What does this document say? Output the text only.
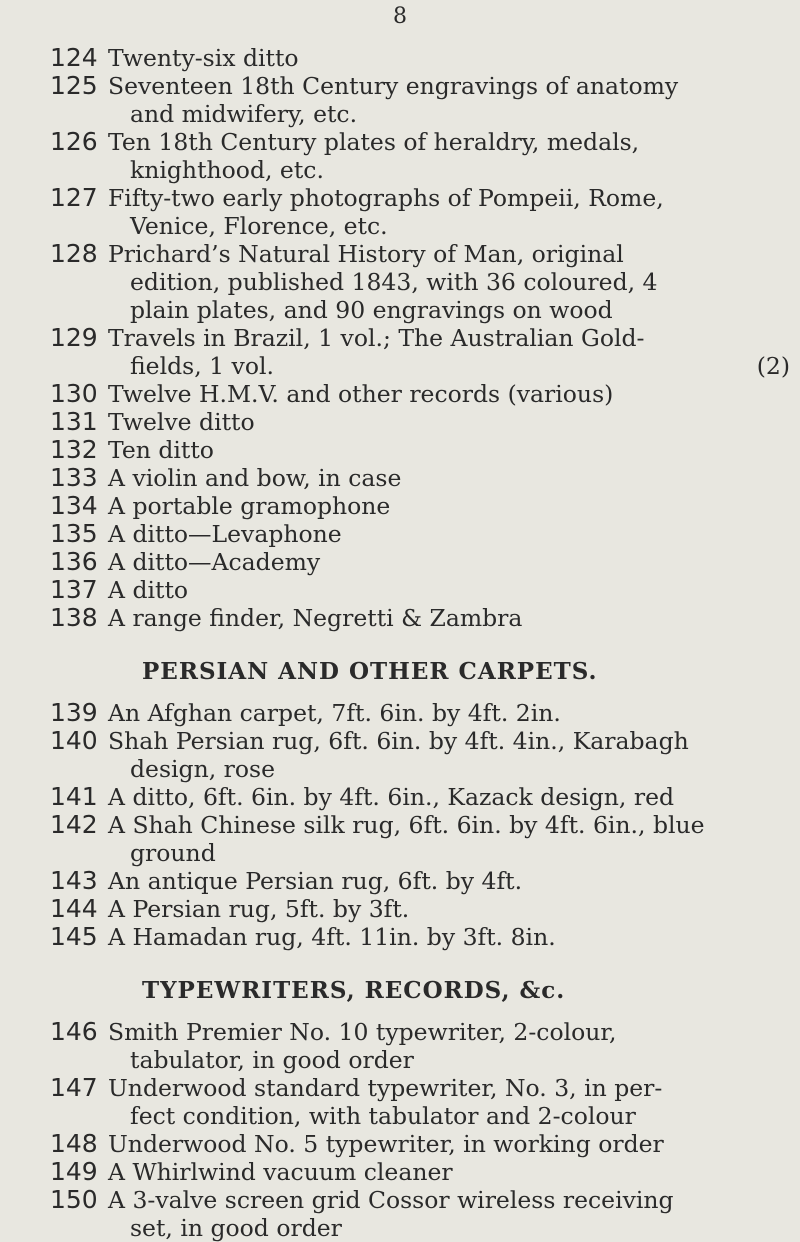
8
124 Twenty-six ditto
125 Seventeen 18th Century engravings of anatomy
and midwifery, etc.
126 Ten 18th Century plates of heraldry, medals,
knighthood, etc.
127 Fifty-two early photographs of Pompeii, Rome,
Venice, Florence, etc.
128 Prichard’s Natural History of Man, original
edition, published 1843, with 36 coloured, 4
plain plates, and 90 engravings on wood
129 Travels in Brazil, 1 vol.; The Australian Gold-
fields, 1 vol.	(2)
130 Twelve H.M.V. and other records (various)
131 Twelve ditto
132 Ten ditto
133 A violin and bow, in case
134 A portable gramophone
135 A ditto—Levaphone
136 A ditto—Academy
137 A ditto
138 A range finder, Negretti & Zambra
PERSIAN AND OTHER CARPETS.
139 An Afghan carpet, 7ft. 6in. by 4ft. 2in.
140 Shah Persian rug, 6ft. 6in. by 4ft. 4in., Karabagh
design, rose
141 A ditto, 6ft. 6in. by 4ft. 6in., Kazack design, red
142 A Shah Chinese silk rug, 6ft. 6in. by 4ft. 6in., blue
ground
143 An antique Persian rug, 6ft. by 4ft.
144 A Persian rug, 5ft. by 3ft.
145 A Hamadan rug, 4ft. 11in. by 3ft. 8in.
TYPEWRITERS, RECORDS, &c.
146 Smith Premier No. 10 typewriter, 2-colour,
tabulator, in good order
147 Underwood standard typewriter, No. 3, in per-
fect condition, with tabulator and 2-colour
148 Underwood No. 5 typewriter, in working order
149 A Whirlwind vacuum cleaner
150 A 3-valve screen grid Cossor wireless receiving
set, in good order
